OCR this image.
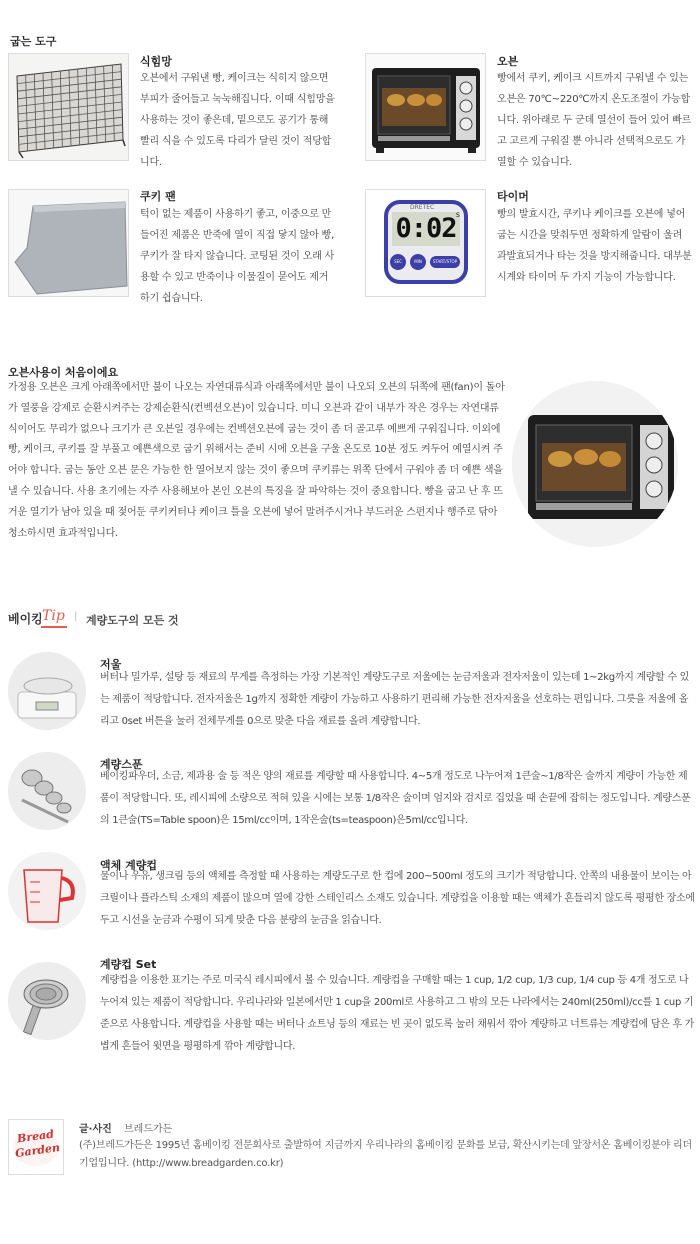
굽는 도구
식힘망
오븐에서 구워낸 빵, 케이크는 식히지 않으면 부피가 줄어들고 눅눅해집니다. 이때 식힘망을 사용하는 것이 좋은데, 밑으로도 공기가 통해 빨리 식을 수 있도록 다리가 달린 것이 적당합니다.
오븐
빵에서 쿠키, 케이크 시트까지 구워낼 수 있는 오븐은 70℃~220℃까지 온도조절이 가능합니다. 위아래로 두 군데 열선이 들어 있어 빠르고 고르게 구워질 뿐 아니라 선택적으로도 가열할 수 있습니다.
쿠키 팬
턱이 없는 제품이 사용하기 좋고, 이중으로 만들어진 제품은 반죽에 열이 직접 닿지 않아 빵, 쿠키가 잘 타지 않습니다. 코팅된 것이 오래 사용할 수 있고 반죽이나 이물질이 묻어도 제거하기 쉽습니다.
DRETEC
0:02 S
SEC	MIN	START/STOP
타이머
빵의 발효시간, 쿠키나 케이크를 오븐에 넣어 굽는 시간을 맞춰두면 정확하게 알람이 울려 과발효되거나 타는 것을 방지해줍니다. 대부분 시계와 타이머 두 가지 기능이 가능합니다.
오븐사용이 처음이에요
가정용 오븐은 크게 아래쪽에서만 불이 나오는 자연대류식과 아래쪽에서만 불이 나오되 오븐의 뒤쪽에 팬(fan)이 돌아가 열풍을 강제로 순환시켜주는 강제순환식(컨벡션오븐)이 있습니다. 미니 오븐과 같이 내부가 작은 경우는 자연대류식이어도 무리가 없으나 크기가 큰 오븐일 경우에는 컨벡션오븐에 굽는 것이 좀 더 골고루 예쁘게 구워집니다. 이외에 빵, 케이크, 쿠키를 잘 부풀고 예쁜색으로 굽기 위해서는 준비 시에 오븐을 구울 온도로 10분 정도 켜두어 예열시켜 주어야 합니다. 굽는 동안 오븐 문은 가능한 한 열어보지 않는 것이 좋으며 쿠키류는 위쪽 단에서 구워야 좀 더 예쁜 색을 낼 수 있습니다. 사용 초기에는 자주 사용해보아 본인 오븐의 특징을 잘 파악하는 것이 중요합니다. 빵을 굽고 난 후 뜨거운 열기가 남아 있을 때 젖어둔 쿠키커터나 케이크 틀을 오븐에 넣어 말려주시거나 부드러운 스펀지나 행주로 닦아 청소하시면 효과적입니다.
베이킹 Tip | 계량도구의 모든 것
저울
버터나 밀가루, 설탕 등 재료의 무게를 측정하는 가장 기본적인 계량도구로 저울에는 눈금저울과 전자저울이 있는데 1~2kg까지 계량할 수 있는 제품이 적당합니다. 전자저울은 1g까지 정확한 계량이 가능하고 사용하기 편리해 가능한 전자저울을 선호하는 편입니다. 그릇을 저울에 올리고 0set 버튼을 눌러 전체무게를 0으로 맞춘 다음 재료를 올려 계량합니다.
계량스푼
베이킹파우더, 소금, 제과용 술 등 적은 양의 재료를 계량할 때 사용합니다. 4~5개 정도로 나누어져 1큰술~1/8작은 술까지 계량이 가능한 제품이 적당합니다. 또, 레시피에 소량으로 적혀 있을 시에는 보통 1/8작은 술이며 엄지와 검지로 집었을 때 손끝에 잡히는 정도입니다. 계량스푼의 1큰술(TS=Table spoon)은 15ml/cc이며, 1작은술(ts=teaspoon)은5ml/cc입니다.
액체 계량컵
물이나 우유, 생크림 등의 액체를 측정할 때 사용하는 계량도구로 한 컵에 200~500ml 정도의 크기가 적당합니다. 안쪽의 내용물이 보이는 아크릴이나 플라스틱 소재의 제품이 많으며 열에 강한 스테인리스 소재도 있습니다. 계량컵을 이용할 때는 액체가 흔들리지 않도록 평평한 장소에 두고 시선을 눈금과 수평이 되게 맞춘 다음 분량의 눈금을 읽습니다.
계량컵 Set
계량컵을 이용한 표기는 주로 미국식 레시피에서 볼 수 있습니다. 계량컵을 구매할 때는 1 cup, 1/2 cup, 1/3 cup, 1/4 cup 등 4개 정도로 나누어져 있는 제품이 적당합니다. 우리나라와 일본에서만 1 cup을 200ml로 사용하고 그 밖의 모든 나라에서는 240ml(250ml)/cc를 1 cup 기준으로 사용합니다. 계량컵을 사용할 때는 버터나 쇼트닝 등의 재료는 빈 곳이 없도록 눌러 채워서 깎아 계량하고 너트류는 계량컵에 담은 후 가볍게 흔들어 윗면을 평평하게 깎아 계량합니다.
Bread
Garden
글·사진 브레드가든
(주)브레드가든은 1995년 홈베이킹 전문회사로 출발하여 지금까지 우리나라의 홈베이킹 문화를 보급, 확산시키는데 앞장서온 홈베이킹분야 리더 기업입니다. (http://www.breadgarden.co.kr)
